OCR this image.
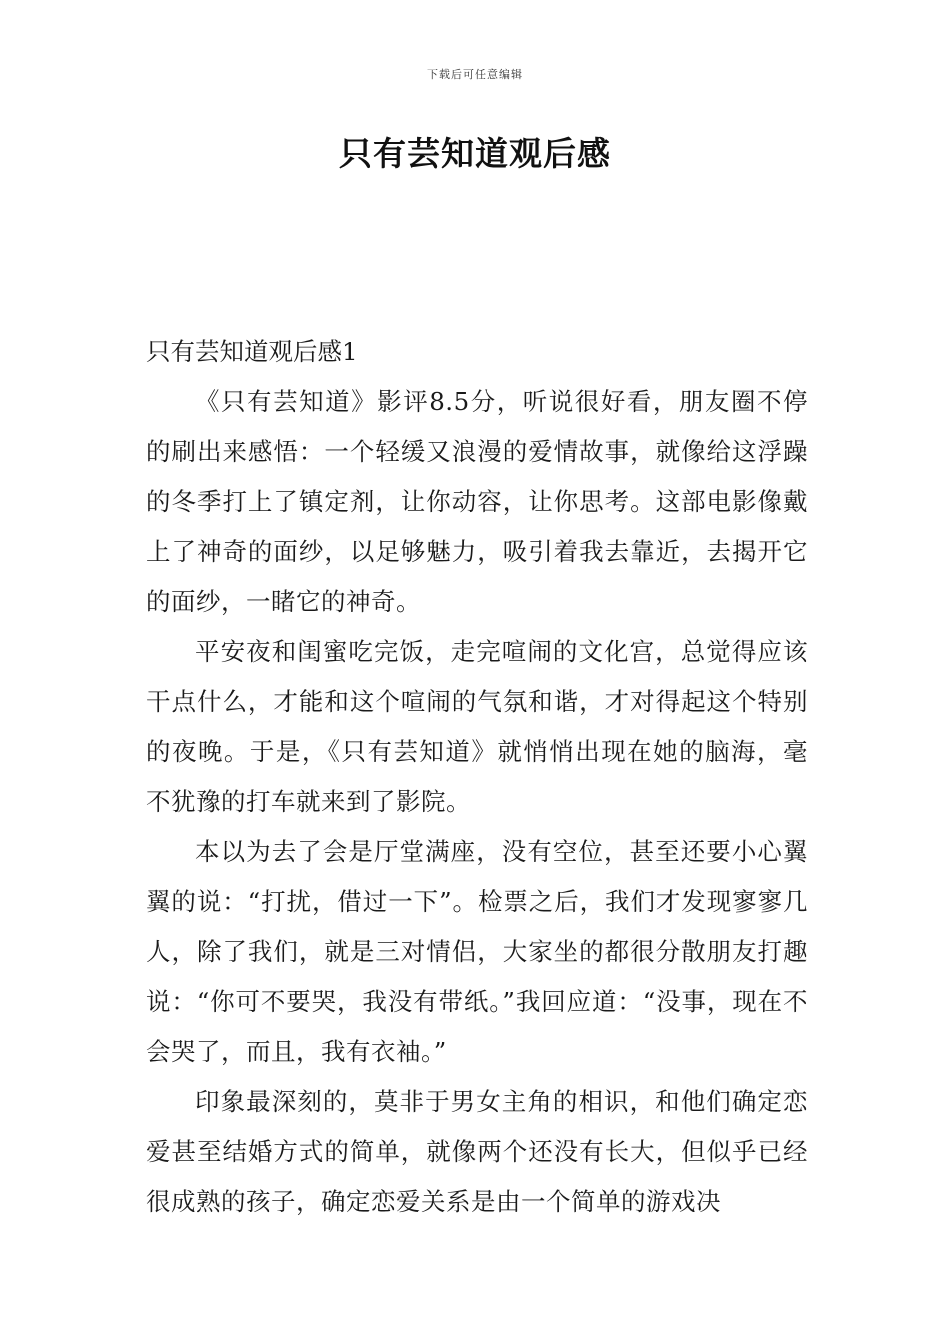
下载后可任意编辑
只有芸知道观后感
只有芸知道观后感1

《只有芸知道》影评8.5分，听说很好看，朋友圈不停的刷出来感悟：一个轻缓又浪漫的爱情故事，就像给这浮躁的冬季打上了镇定剂，让你动容，让你思考。这部电影像戴上了神奇的面纱，以足够魅力，吸引着我去靠近，去揭开它的面纱，一睹它的神奇。

平安夜和闺蜜吃完饭，走完喧闹的文化宫，总觉得应该干点什么，才能和这个喧闹的气氛和谐，才对得起这个特别的夜晚。于是，《只有芸知道》就悄悄出现在她的脑海，毫不犹豫的打车就来到了影院。

本以为去了会是厅堂满座，没有空位，甚至还要小心翼翼的说：“打扰，借过一下”。检票之后，我们才发现寥寥几人，除了我们，就是三对情侣，大家坐的都很分散朋友打趣说：“你可不要哭，我没有带纸。”我回应道：“没事，现在不会哭了，而且，我有衣袖。”

印象最深刻的，莫非于男女主角的相识，和他们确定恋爱甚至结婚方式的简单，就像两个还没有长大，但似乎已经很成熟的孩子，确定恋爱关系是由一个简单的游戏决
